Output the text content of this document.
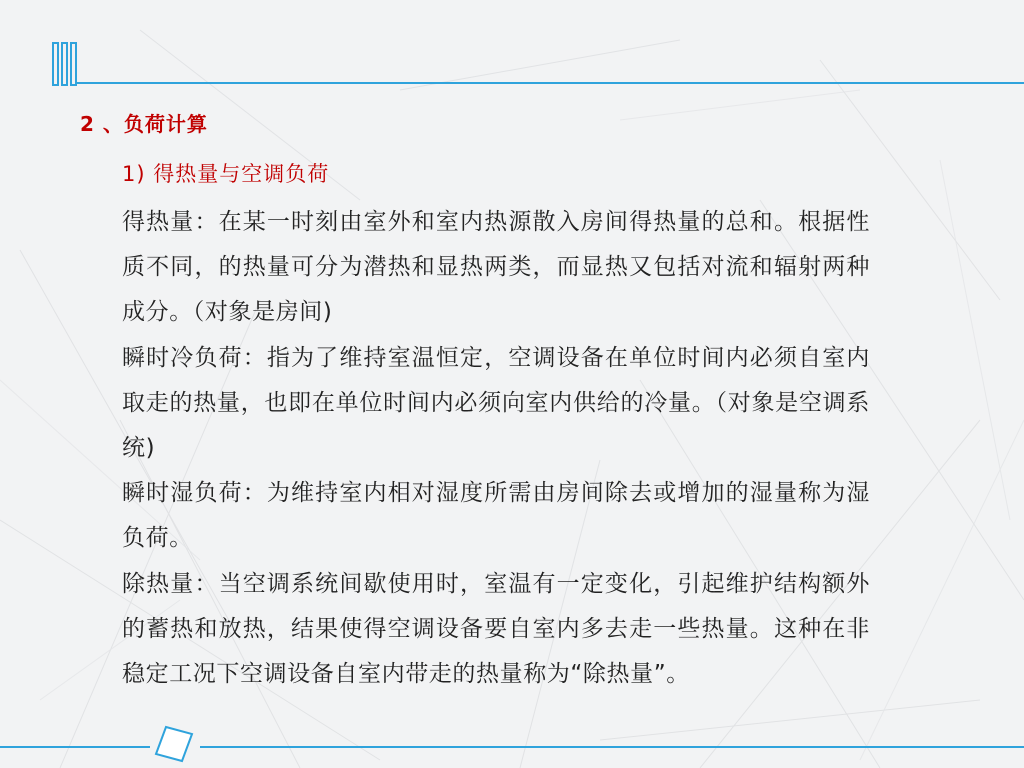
2 、负荷计算
1) 得热量与空调负荷

得热量：在某一时刻由室外和室内热源散入房间得热量的总和。根据性质不同，的热量可分为潜热和显热两类，而显热又包括对流和辐射两种成分。（对象是房间)

瞬时冷负荷：指为了维持室温恒定，空调设备在单位时间内必须自室内取走的热量，也即在单位时间内必须向室内供给的冷量。（对象是空调系统)

瞬时湿负荷：为维持室内相对湿度所需由房间除去或增加的湿量称为湿负荷。

除热量：当空调系统间歇使用时，室温有一定变化，引起维护结构额外的蓄热和放热，结果使得空调设备要自室内多去走一些热量。这种在非稳定工况下空调设备自室内带走的热量称为“除热量”。
